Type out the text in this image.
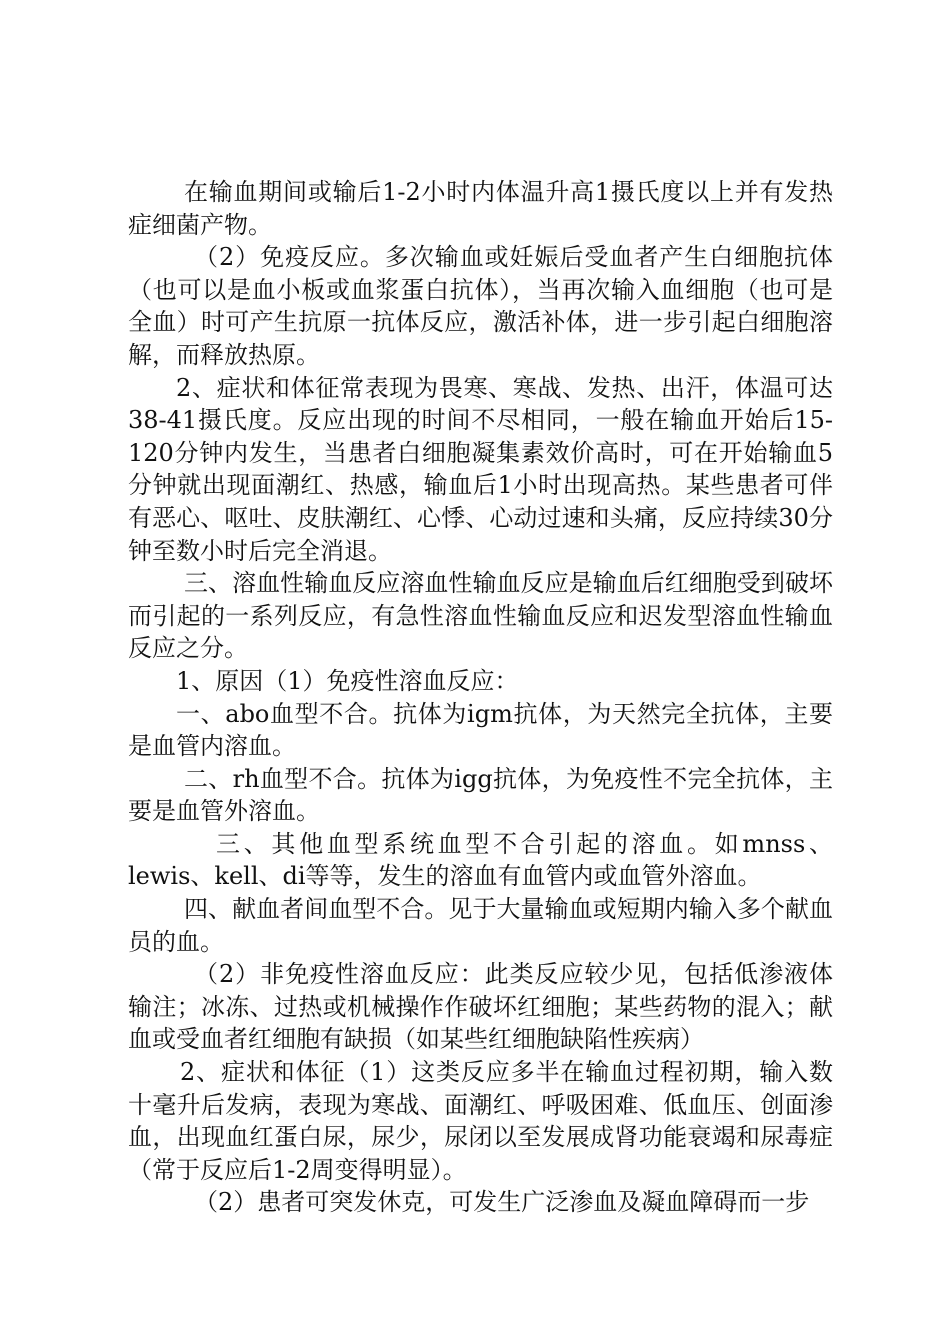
在输血期间或输后1-2小时内体温升高1摄氏度以上并有发热症细菌产物。

（2）免疫反应。多次输血或妊娠后受血者产生白细胞抗体（也可以是血小板或血浆蛋白抗体），当再次输入血细胞（也可是全血）时可产生抗原一抗体反应，激活补体，进一步引起白细胞溶解，而释放热原。

2、症状和体征常表现为畏寒、寒战、发热、出汗，体温可达38-41摄氏度。反应出现的时间不尽相同，一般在输血开始后15-120分钟内发生，当患者白细胞凝集素效价高时，可在开始输血5分钟就出现面潮红、热感，输血后1小时出现高热。某些患者可伴有恶心、呕吐、皮肤潮红、心悸、心动过速和头痛，反应持续30分钟至数小时后完全消退。

三、溶血性输血反应溶血性输血反应是输血后红细胞受到破坏而引起的一系列反应，有急性溶血性输血反应和迟发型溶血性输血反应之分。

1、原因（1）免疫性溶血反应：

一、abo血型不合。抗体为igm抗体，为天然完全抗体，主要是血管内溶血。

二、rh血型不合。抗体为igg抗体，为免疫性不完全抗体，主要是血管外溶血。

三、其他血型系统血型不合引起的溶血。如mnss、lewis、kell、di等等，发生的溶血有血管内或血管外溶血。

四、献血者间血型不合。见于大量输血或短期内输入多个献血员的血。

（2）非免疫性溶血反应：此类反应较少见，包括低渗液体输注；冰冻、过热或机械操作作破坏红细胞；某些药物的混入；献血或受血者红细胞有缺损（如某些红细胞缺陷性疾病）

2、症状和体征（1）这类反应多半在输血过程初期，输入数十毫升后发病，表现为寒战、面潮红、呼吸困难、低血压、创面渗血，出现血红蛋白尿，尿少，尿闭以至发展成肾功能衰竭和尿毒症（常于反应后1-2周变得明显）。

（2）患者可突发休克，可发生广泛渗血及凝血障碍而一步
